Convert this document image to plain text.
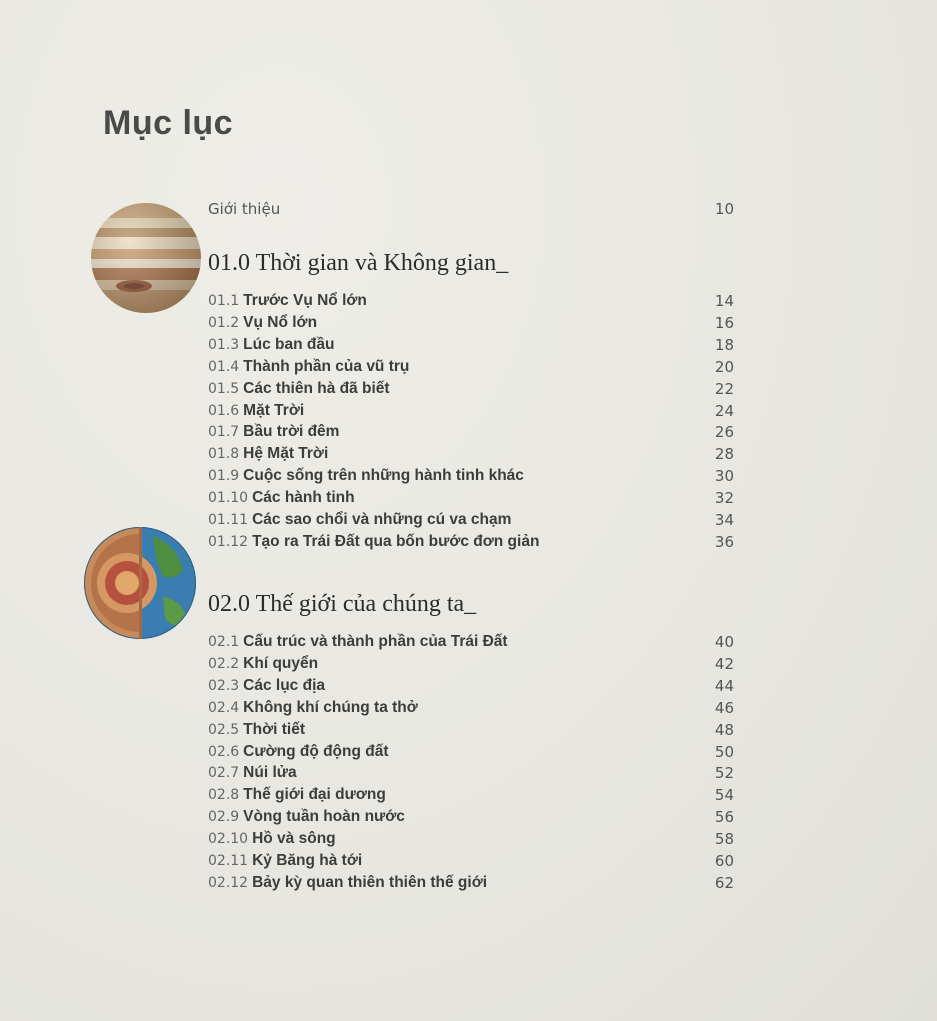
Mục lục
Giới thiệu	10
01.0 Thời gian và Không gian_
02.0 Thế giới của chúng ta_
01.1 Trước Vụ Nổ lớn	14
01.2 Vụ Nổ lớn	16
01.3 Lúc ban đầu	18
01.4 Thành phần của vũ trụ	20
01.5 Các thiên hà đã biết	22
01.6 Mặt Trời	24
01.7 Bầu trời đêm	26
01.8 Hệ Mặt Trời	28
01.9 Cuộc sống trên những hành tinh khác	30
01.10 Các hành tinh	32
01.11 Các sao chổi và những cú va chạm	34
01.12 Tạo ra Trái Đất qua bốn bước đơn giản	36
02.1 Cấu trúc và thành phần của Trái Đất	40
02.2 Khí quyển	42
02.3 Các lục địa	44
02.4 Không khí chúng ta thở	46
02.5 Thời tiết	48
02.6 Cường độ động đất	50
02.7 Núi lửa	52
02.8 Thế giới đại dương	54
02.9 Vòng tuần hoàn nước	56
02.10 Hồ và sông	58
02.11 Kỷ Băng hà tới	60
02.12 Bảy kỳ quan thiên thiên thế giới	62
